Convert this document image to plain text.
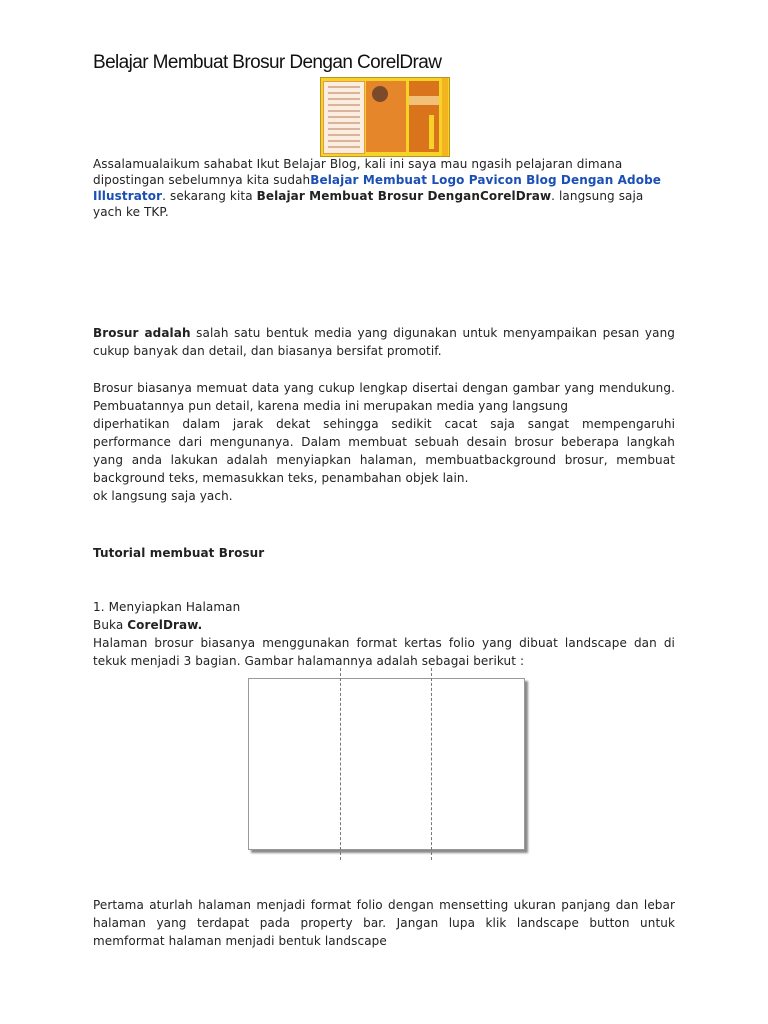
Belajar Membuat Brosur Dengan CorelDraw

Assalamualaikum sahabat Ikut Belajar Blog, kali ini saya mau ngasih pelajaran dimana dipostingan sebelumnya kita sudahBelajar Membuat Logo Pavicon Blog Dengan Adobe Illustrator. sekarang kita Belajar Membuat Brosur DenganCorelDraw. langsung saja yach ke TKP.

Brosur adalah salah satu bentuk media yang digunakan untuk menyampaikan pesan yang cukup banyak dan detail, dan biasanya bersifat promotif.

Brosur biasanya memuat data yang cukup lengkap disertai dengan gambar yang mendukung. Pembuatannya pun detail, karena media ini merupakan media yang langsung
diperhatikan dalam jarak dekat sehingga sedikit cacat saja sangat mempengaruhi performance dari mengunanya. Dalam membuat sebuah desain brosur beberapa langkah yang anda lakukan adalah menyiapkan halaman, membuatbackground brosur, membuat background teks, memasukkan teks, penambahan objek lain.
ok langsung saja yach.

Tutorial membuat Brosur

1. Menyiapkan Halaman
Buka CorelDraw.
Halaman brosur biasanya menggunakan format kertas folio yang dibuat landscape dan di tekuk menjadi 3 bagian. Gambar halamannya adalah sebagai berikut :

Pertama aturlah halaman menjadi format folio dengan mensetting ukuran panjang dan lebar halaman yang terdapat pada property bar. Jangan lupa klik landscape button untuk memformat halaman menjadi bentuk landscape
